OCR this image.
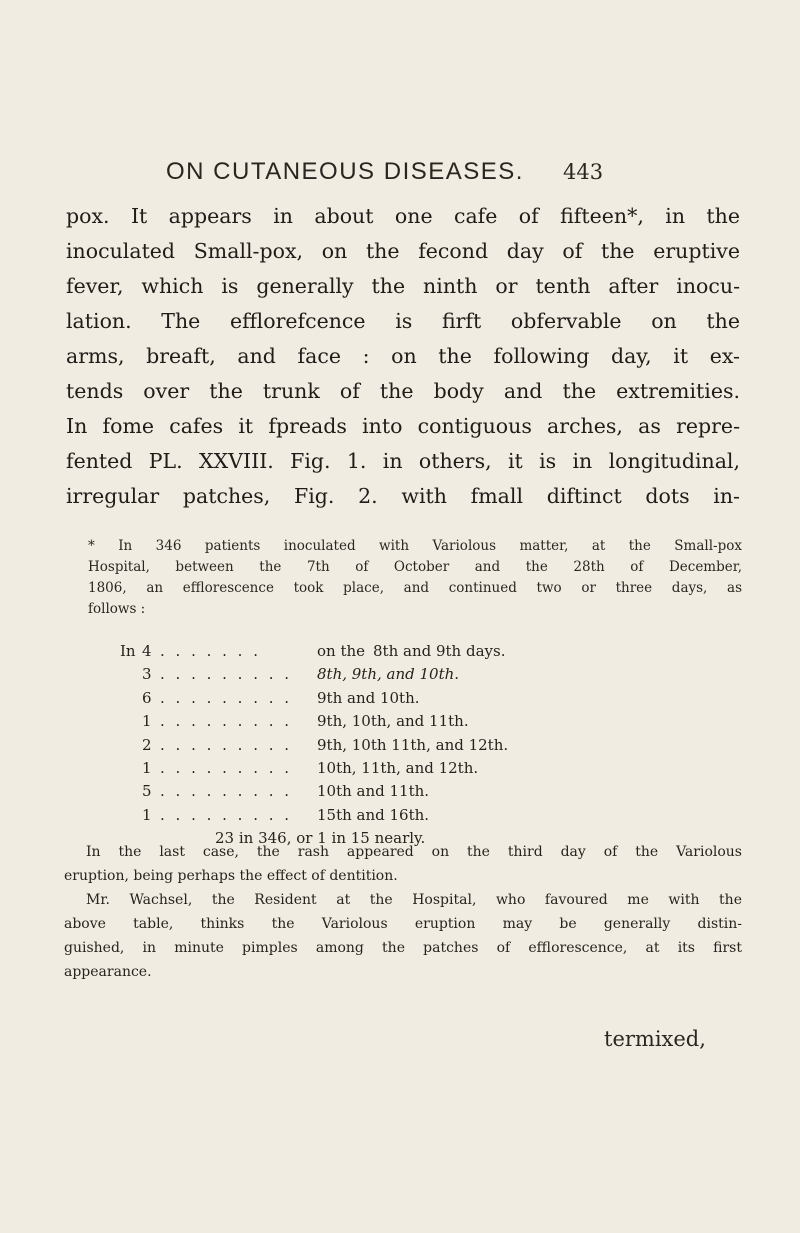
ON CUTANEOUS DISEASES. 443
pox. It appears in about one cafe of fifteen*, in the
inoculated Small-pox, on the fecond day of the eruptive
fever, which is generally the ninth or tenth after inocu-
lation. The efflorefcence is firft obfervable on the
arms, breaft, and face : on the following day, it ex-
tends over the trunk of the body and the extremities.
In fome cafes it fpreads into contiguous arches, as repre-
fented PL. XXVIII. Fig. 1. in others, it is in longitudinal,
irregular patches, Fig. 2. with fmall diftinct dots in-
* In 346 patients inoculated with Variolous matter, at the Small-pox
Hospital, between the 7th of October and the 28th of December,
1806, an efflorescence took place, and continued two or three days, as
follows :
In 4 . . . . . . .	on the 8th and 9th days.
3 . . . . . . . . . 8th, 9th, and 10th.
6 . . . . . . . . . 9th and 10th.
1 . . . . . . . . . 9th, 10th, and 11th.
2 . . . . . . . . . 9th, 10th 11th, and 12th.
1 . . . . . . . . . 10th, 11th, and 12th.
5 . . . . . . . . . 10th and 11th.
1 . . . . . . . . . 15th and 16th.
23 in 346, or 1 in 15 nearly.
In the last case, the rash appeared on the third day of the Variolous
eruption, being perhaps the effect of dentition.
Mr. Wachsel, the Resident at the Hospital, who favoured me with the
above table, thinks the Variolous eruption may be generally distin-
guished, in minute pimples among the patches of efflorescence, at its first
appearance.
termixed,
